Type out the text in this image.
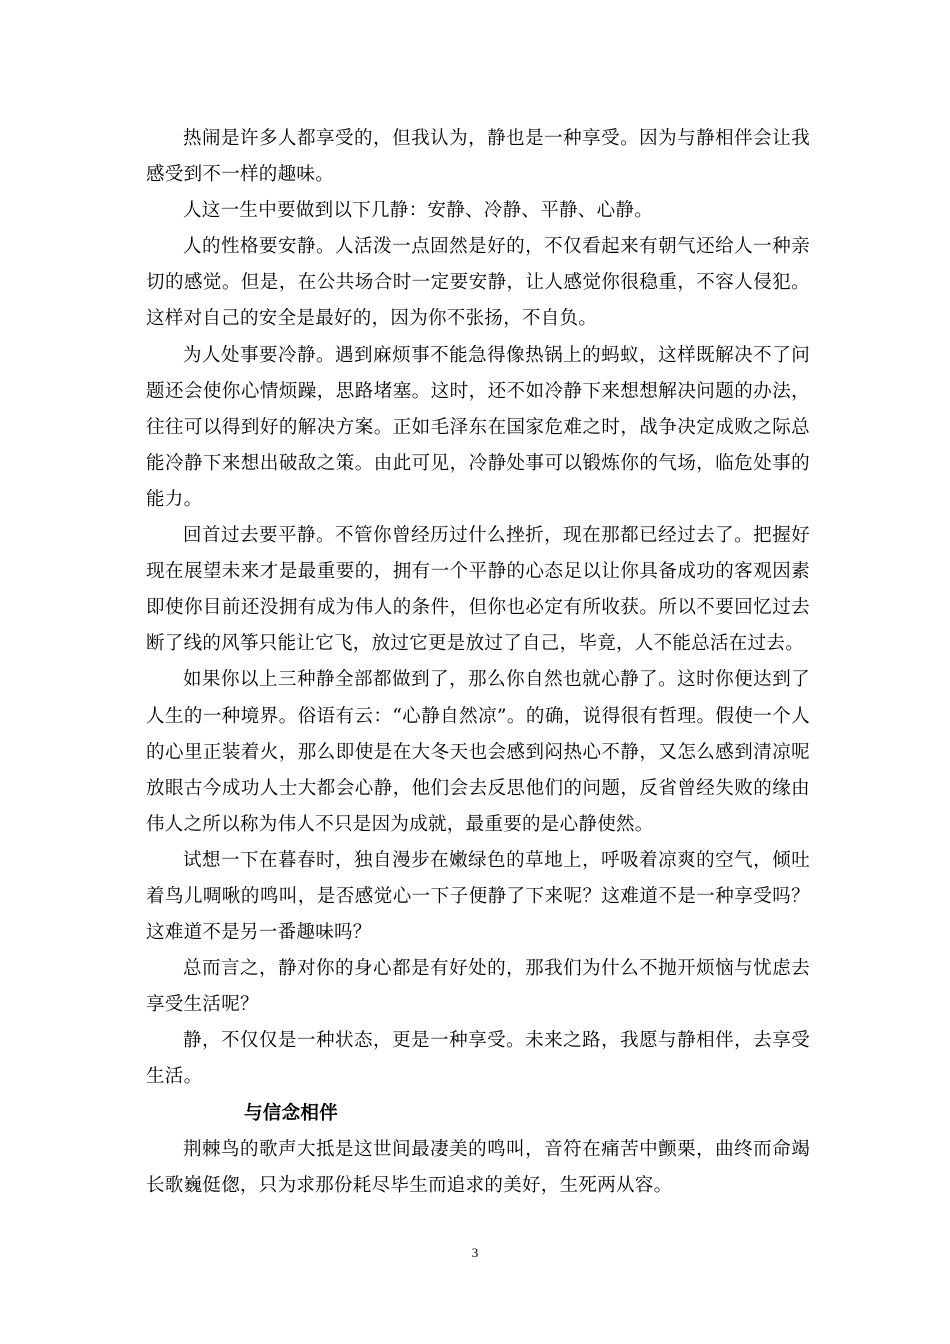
热闹是许多人都享受的，但我认为，静也是一种享受。因为与静相伴会让我感受到不一样的趣味。

人这一生中要做到以下几静：安静、冷静、平静、心静。

人的性格要安静。人活泼一点固然是好的，不仅看起来有朝气还给人一种亲切的感觉。但是，在公共场合时一定要安静，让人感觉你很稳重，不容人侵犯。这样对自己的安全是最好的，因为你不张扬，不自负。

为人处事要冷静。遇到麻烦事不能急得像热锅上的蚂蚁，这样既解决不了问题还会使你心情烦躁，思路堵塞。这时，还不如冷静下来想想解决问题的办法，往往可以得到好的解决方案。正如毛泽东在国家危难之时，战争决定成败之际总能冷静下来想出破敌之策。由此可见，冷静处事可以锻炼你的气场，临危处事的能力。

回首过去要平静。不管你曾经历过什么挫折，现在那都已经过去了。把握好现在展望未来才是最重要的，拥有一个平静的心态足以让你具备成功的客观因素即使你目前还没拥有成为伟人的条件，但你也必定有所收获。所以不要回忆过去断了线的风筝只能让它飞，放过它更是放过了自己，毕竟，人不能总活在过去。

如果你以上三种静全部都做到了，那么你自然也就心静了。这时你便达到了人生的一种境界。俗语有云：“心静自然凉”。的确，说得很有哲理。假使一个人的心里正装着火，那么即使是在大冬天也会感到闷热心不静，又怎么感到清凉呢放眼古今成功人士大都会心静，他们会去反思他们的问题，反省曾经失败的缘由伟人之所以称为伟人不只是因为成就，最重要的是心静使然。

试想一下在暮春时，独自漫步在嫩绿色的草地上，呼吸着凉爽的空气，倾吐着鸟儿啁啾的鸣叫，是否感觉心一下子便静了下来呢？这难道不是一种享受吗？这难道不是另一番趣味吗？

总而言之，静对你的身心都是有好处的，那我们为什么不抛开烦恼与忧虑去享受生活呢？

静，不仅仅是一种状态，更是一种享受。未来之路，我愿与静相伴，去享受生活。

与信念相伴

荆棘鸟的歌声大抵是这世间最凄美的鸣叫，音符在痛苦中颤栗，曲终而命竭长歌巍侹偬，只为求那份耗尽毕生而追求的美好，生死两从容。

3
